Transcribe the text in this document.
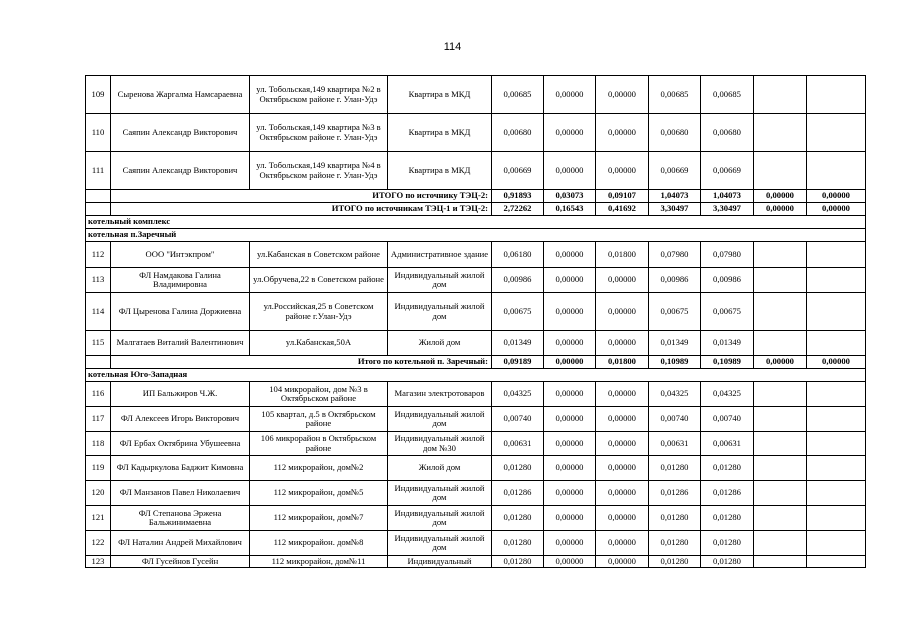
114
109	Сыренова Жаргалма Намсараевна	ул. Тобольская,149 квартира №2 в Октябрьском районе г. Улан-Удэ	Квартира в МКД	0,00685	0,00000	0,00000	0,00685	0,00685		
110	Саяпин Александр Викторович	ул. Тобольская,149 квартира №3 в Октябрьском районе г. Улан-Удэ	Квартира в МКД	0,00680	0,00000	0,00000	0,00680	0,00680		
111	Саяпин Александр Викторович	ул. Тобольская,149 квартира №4 в Октябрьском районе г. Улан-Удэ	Квартира в МКД	0,00669	0,00000	0,00000	0,00669	0,00669		
	ИТОГО по источнику ТЭЦ-2:			0,91893	0,03073	0,09107	1,04073	1,04073	0,00000	0,00000
	ИТОГО по источникам ТЭЦ-1 и ТЭЦ-2:			2,72262	0,16543	0,41692	3,30497	3,30497	0,00000	0,00000
котельный комплекс										
котельная п.Заречный										
112	ООО "Интэкпром"	ул.Кабанская в Советском районе	Административное здание	0,06180	0,00000	0,01800	0,07980	0,07980		
113	ФЛ Намдакова Галина Владимировна	ул.Обручева,22 в Советском районе	Индивидуальный жилой дом	0,00986	0,00000	0,00000	0,00986	0,00986		
114	ФЛ Цыренова Галина Доржиевна	ул.Российская,25 в Советском районе г.Улан-Удэ	Индивидуальный жилой дом	0,00675	0,00000	0,00000	0,00675	0,00675		
115	Малгатаев Виталий Валентинович	ул.Кабанская,50А	Жилой дом	0,01349	0,00000	0,00000	0,01349	0,01349		
	Итого по котельной п. Заречный:			0,09189	0,00000	0,01800	0,10989	0,10989	0,00000	0,00000
котельная Юго-Западная										
116	ИП Бальжиров Ч.Ж.	104 микрорайон, дом №3 в Октябрьском районе	Магазин электротоваров	0,04325	0,00000	0,00000	0,04325	0,04325		
117	ФЛ Алексеев Игорь Викторович	105 квартал, д.5 в Октябрьском районе	Индивидуальный жилой дом	0,00740	0,00000	0,00000	0,00740	0,00740		
118	ФЛ Ербах Октябрина Убушеевна	106 микрорайон в Октябрьском районе	Индивидуальный жилой дом №30	0,00631	0,00000	0,00000	0,00631	0,00631		
119	ФЛ Кадыркулова Баджит Кимовна	112 микрорайон, дом№2	Жилой дом	0,01280	0,00000	0,00000	0,01280	0,01280		
120	ФЛ Манзанов Павел Николаевич	112 микрорайон, дом№5	Индивидуальный жилой дом	0,01286	0,00000	0,00000	0,01286	0,01286		
121	ФЛ Степанова Эржена Бальжинимаевна	112 микрорайон, дом№7	Индивидуальный жилой дом	0,01280	0,00000	0,00000	0,01280	0,01280		
122	ФЛ Наталин Андрей Михайлович	112 микрорайон. дом№8	Индивидуальный жилой дом	0,01280	0,00000	0,00000	0,01280	0,01280		
123	ФЛ Гусейнов Гусейн	112 микрорайон, дом№11	Индивидуальный	0,01280	0,00000	0,00000	0,01280	0,01280		
